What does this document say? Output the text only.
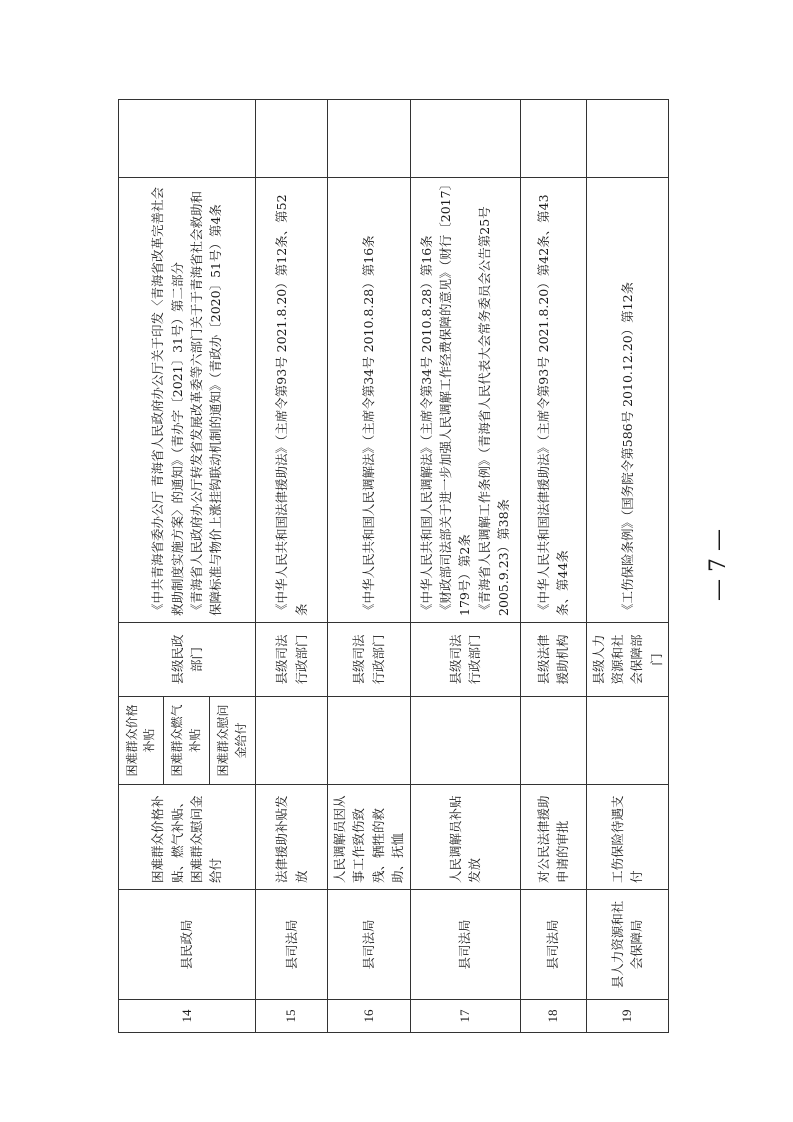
14	县民政局	困难群众价格补贴、燃气补贴、困难群众慰问金给付	困难群众价格补贴	县级民政部门	《中共青海省委办公厅 青海省人民政府办公厅关于印发〈青海省改革完善社会救助制度实施方案〉的通知》（青办字〔2021〕31号）第二部分 《青海省人民政府办公厅转发省发展改革委等六部门关于于青海省社会救助和保障标准与物价上涨挂钩联动机制的通知》（青政办〔2020〕51号）第4条	

			困难群众燃气补贴			
			困难群众慰问金给付			
15	县司法局	法律援助补贴发放		县级司法行政部门	《中华人民共和国法律援助法》（主席令第93号 2021.8.20）第12条、第52条	

16	县司法局	人民调解员因从事工作致伤致残、牺牲的救助、抚恤		县级司法行政部门	《中华人民共和国人民调解法》（主席令第34号 2010.8.28）第16条	

17	县司法局	人民调解员补贴发放		县级司法行政部门	《中华人民共和国人民调解法》（主席令第34号 2010.8.28）第16条 《财政部司法部关于进一步加强人民调解工作经费保障的意见》（财行〔2017〕179号）第2条 《青海省人民调解工作条例》（青海省人民代表大会常务委员会公告第25号 2005.9.23）第38条	

18	县司法局	对公民法律援助申请的审批		县级法律援助机构	《中华人民共和国法律援助法》（主席令第93号 2021.8.20）第42条、第43条、第44条	

19	县人力资源和社会保障局	工伤保险待遇支付		县级人力资源和社会保障部门	《工伤保险条例》（国务院令第586号 2010.12.20）第12条	
		— 7 —
